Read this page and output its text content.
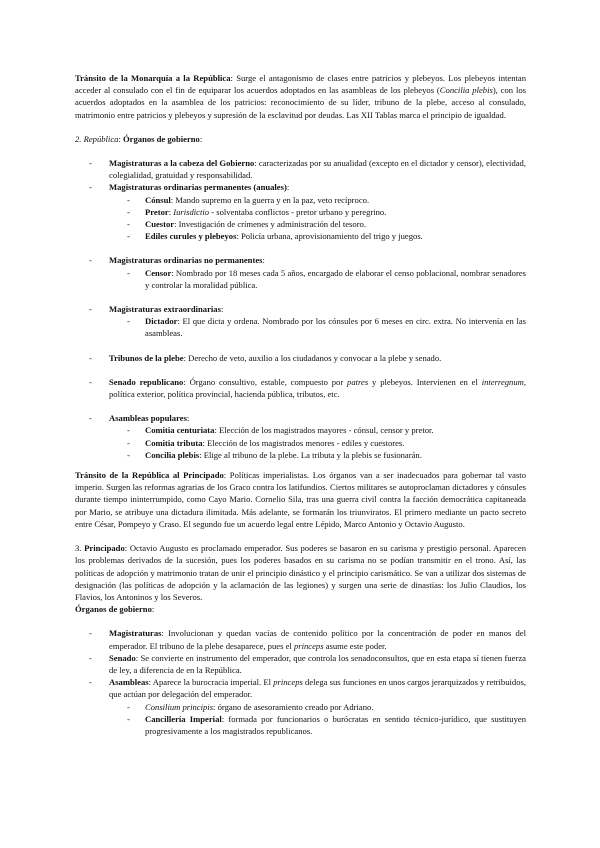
Tránsito de la Monarquía a la República: Surge el antagonismo de clases entre patricios y plebeyos. Los plebeyos intentan acceder al consulado con el fin de equiparar los acuerdos adoptados en las asambleas de los plebeyos (Concilia plebis), con los acuerdos adoptados en la asamblea de los patricios: reconocimiento de su líder, tribuno de la plebe, acceso al consulado, matrimonio entre patricios y plebeyos y supresión de la esclavitud por deudas. Las XII Tablas marca el principio de igualdad.

2. República: Órganos de gobierno:

- Magistraturas a la cabeza del Gobierno: caracterizadas por su anualidad (excepto en el dictador y censor), electividad, colegialidad, gratuidad y responsabilidad.
- Magistraturas ordinarias permanentes (anuales):
- Cónsul: Mando supremo en la guerra y en la paz, veto recíproco.
- Pretor: Iurisdictio - solventaba conflictos - pretor urbano y peregrino.
- Cuestor: Investigación de crímenes y administración del tesoro.
- Ediles curules y plebeyos: Policía urbana, aprovisionamiento del trigo y juegos.
- Magistraturas ordinarias no permanentes:
- Censor: Nombrado por 18 meses cada 5 años, encargado de elaborar el censo poblacional, nombrar senadores y controlar la moralidad pública.
- Magistraturas extraordinarias:
- Dictador: El que dicta y ordena. Nombrado por los cónsules por 6 meses en circ. extra. No intervenía en las asambleas.
- Tribunos de la plebe: Derecho de veto, auxilio a los ciudadanos y convocar a la plebe y senado.
- Senado republicano: Órgano consultivo, estable, compuesto por patres y plebeyos. Intervienen en el interregnum, política exterior, política provincial, hacienda pública, tributos, etc.
- Asambleas populares:
- Comitia centuriata: Elección de los magistrados mayores - cónsul, censor y pretor.
- Comitia tributa: Elección de los magistrados menores - ediles y cuestores.
- Concilia plebis: Elige al tribuno de la plebe. La tributa y la plebis se fusionarán.

Tránsito de la República al Principado: Políticas imperialistas. Los órganos van a ser inadecuados para gobernar tal vasto imperio. Surgen las reformas agrarias de los Graco contra los latifundios. Ciertos militares se autoproclaman dictadores y cónsules durante tiempo ininterrumpido, como Cayo Mario. Cornelio Sila, tras una guerra civil contra la facción democrática capitaneada por Mario, se atribuye una dictadura ilimitada. Más adelante, se formarán los triunviratos. El primero mediante un pacto secreto entre César, Pompeyo y Craso. El segundo fue un acuerdo legal entre Lépido, Marco Antonio y Octavio Augusto.

3. Principado: Octavio Augusto es proclamado emperador. Sus poderes se basaron en su carisma y prestigio personal. Aparecen los problemas derivados de la sucesión, pues los poderes basados en su carisma no se podían transmitir en el trono. Así, las políticas de adopción y matrimonio tratan de unir el principio dinástico y el principio carismático. Se van a utilizar dos sistemas de designación (las políticas de adopción y la aclamación de las legiones) y surgen una serie de dinastías: los Julio Claudios, los Flavios, los Antoninos y los Severos.
Órganos de gobierno:

- Magistraturas: Involucionan y quedan vacías de contenido político por la concentración de poder en manos del emperador. El tribuno de la plebe desaparece, pues el princeps asume este poder.
- Senado: Se convierte en instrumento del emperador, que controla los senadoconsultos, que en esta etapa sí tienen fuerza de ley, a diferencia de en la República.
- Asambleas: Aparece la burocracia imperial. El princeps delega sus funciones en unos cargos jerarquizados y retribuidos, que actúan por delegación del emperador.
- Consilium principis: órgano de asesoramiento creado por Adriano.
- Cancillería Imperial: formada por funcionarios o burócratas en sentido técnico-jurídico, que sustituyen progresivamente a los magistrados republicanos.
